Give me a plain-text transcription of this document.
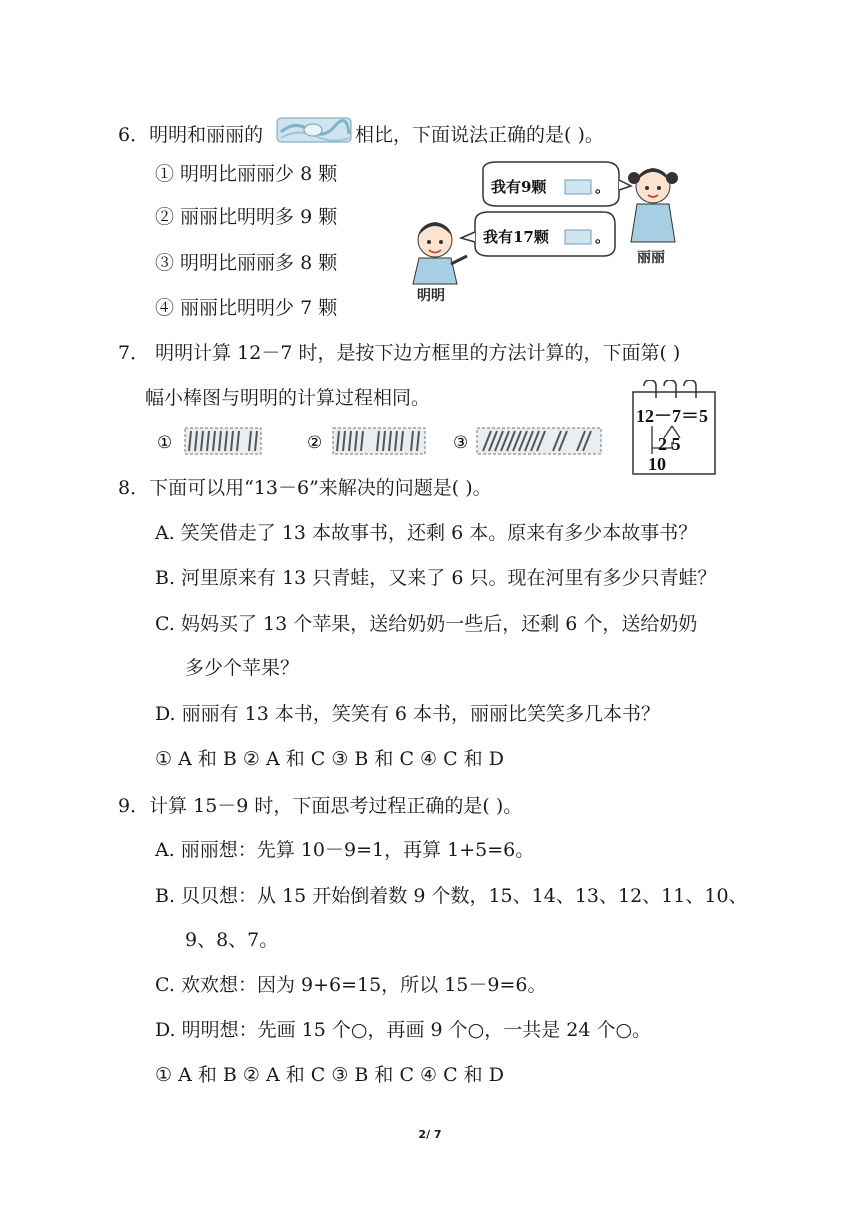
6．明明和丽丽的	相比，下面说法正确的是( )。
① 明明比丽丽少 8 颗
② 丽丽比明明多 9 颗
③ 明明比丽丽多 8 颗
④ 丽丽比明明少 7 颗
我有9颗	。
我有17颗	。
丽丽
明明
7． 明明计算 12－7 时，是按下边方框里的方法计算的，下面第( )
幅小棒图与明明的计算过程相同。
①	②	③
12－7＝5
2 5
10
8．下面可以用“13－6”来解决的问题是( )。
A. 笑笑借走了 13 本故事书，还剩 6 本。原来有多少本故事书？
B. 河里原来有 13 只青蛙，又来了 6 只。现在河里有多少只青蛙？
C. 妈妈买了 13 个苹果，送给奶奶一些后，还剩 6 个，送给奶奶
多少个苹果？
D. 丽丽有 13 本书，笑笑有 6 本书，丽丽比笑笑多几本书？
① A 和 B ② A 和 C ③ B 和 C ④ C 和 D
9．计算 15－9 时，下面思考过程正确的是( )。
A. 丽丽想：先算 10－9=1，再算 1+5=6。
B. 贝贝想：从 15 开始倒着数 9 个数，15、14、13、12、11、10、
9、8、7。
C. 欢欢想：因为 9+6=15，所以 15－9=6。
D. 明明想：先画 15 个○，再画 9 个○，一共是 24 个○。
① A 和 B ② A 和 C ③ B 和 C ④ C 和 D
2/ 7
